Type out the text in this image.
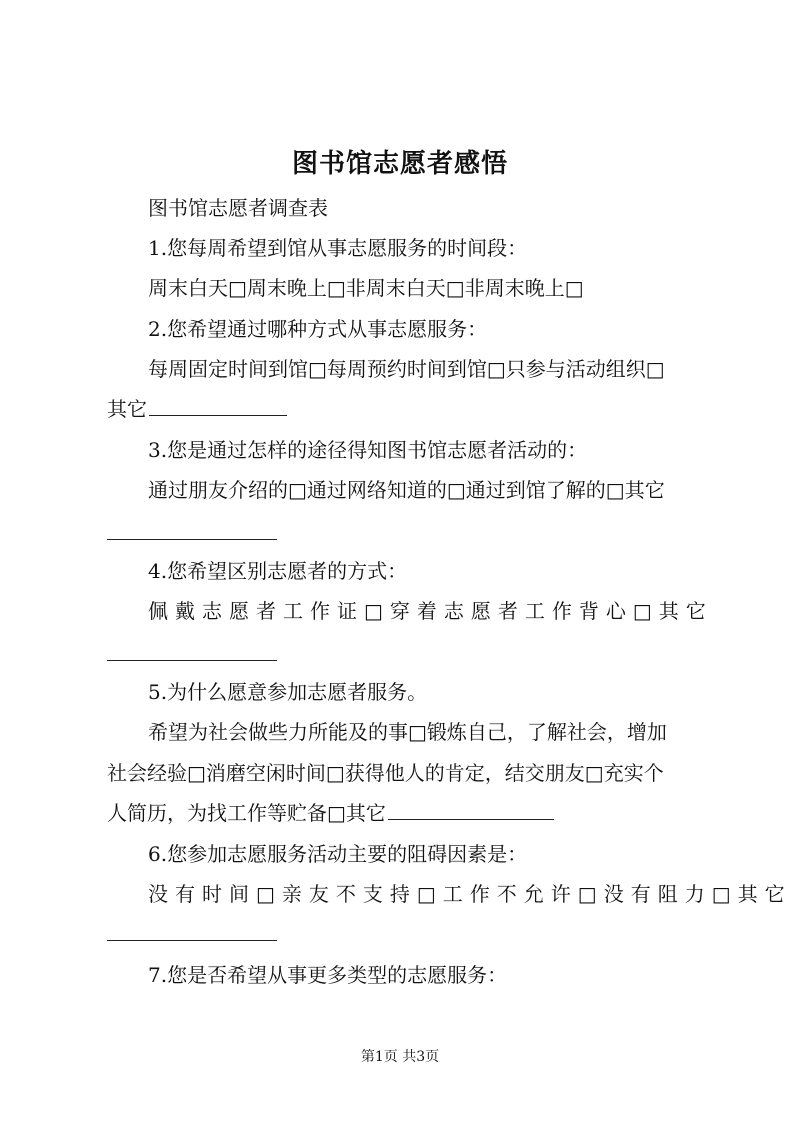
图书馆志愿者感悟
图书馆志愿者调查表
1.您每周希望到馆从事志愿服务的时间段：
周末白天□周末晚上□非周末白天□非周末晚上□
2.您希望通过哪种方式从事志愿服务：
每周固定时间到馆□每周预约时间到馆□只参与活动组织□
其它
3.您是通过怎样的途径得知图书馆志愿者活动的：
通过朋友介绍的□通过网络知道的□通过到馆了解的□其它
4.您希望区别志愿者的方式：
佩戴志愿者工作证□穿着志愿者工作背心□其它
5.为什么愿意参加志愿者服务。
希望为社会做些力所能及的事□锻炼自己，了解社会，增加
社会经验□消磨空闲时间□获得他人的肯定，结交朋友□充实个
人简历，为找工作等贮备□其它
6.您参加志愿服务活动主要的阻碍因素是：
没有时间□亲友不支持□工作不允许□没有阻力□其它
7.您是否希望从事更多类型的志愿服务：
第1页 共3页
